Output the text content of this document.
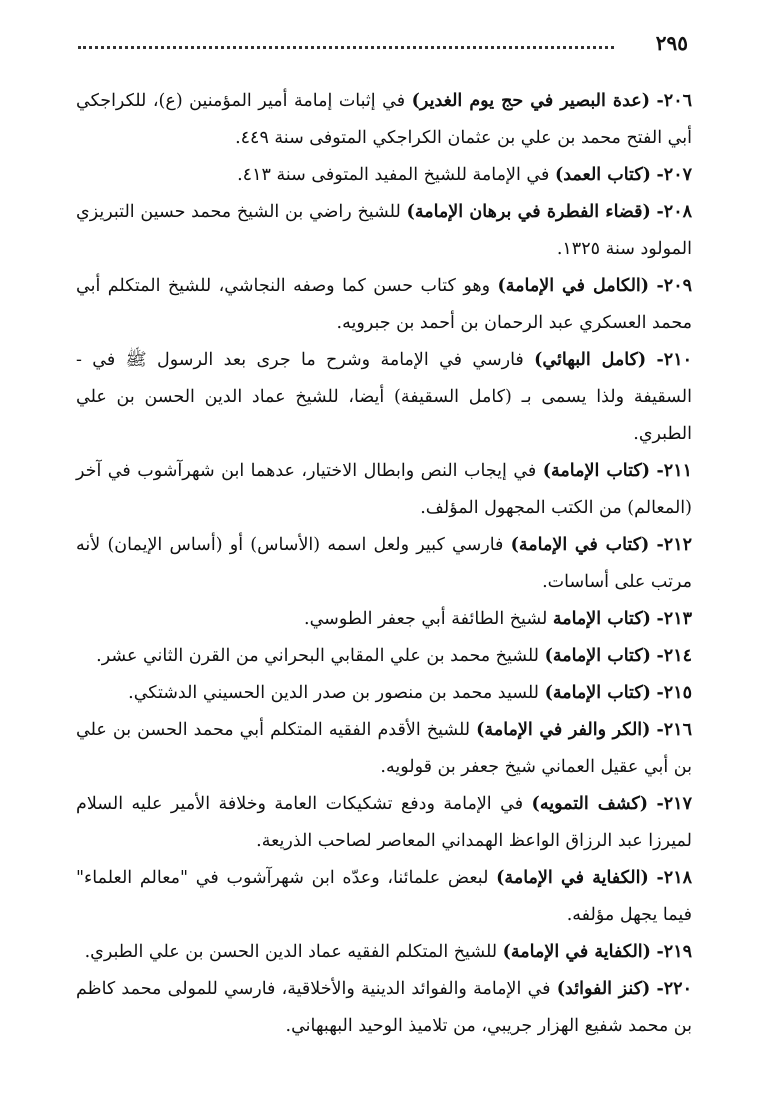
٢٩٥

٢٠٦- (عدة البصير في حج يوم الغدير) في إثبات إمامة أمير المؤمنين (ع)، للكراجكي أبي الفتح محمد بن علي بن عثمان الكراجكي المتوفى سنة ٤٤٩.

٢٠٧- (كتاب العمد) في الإمامة للشيخ المفيد المتوفى سنة ٤١٣.

٢٠٨- (قضاء الفطرة في برهان الإمامة) للشيخ راضي بن الشيخ محمد حسين التبريزي المولود سنة ١٣٢٥.

٢٠٩- (الكامل في الإمامة) وهو كتاب حسن كما وصفه النجاشي، للشيخ المتكلم أبي محمد العسكري عبد الرحمان بن أحمد بن جبرويه.

٢١٠- (كامل البهائي) فارسي في الإمامة وشرح ما جرى بعد الرسول ﷺ في - السقيفة ولذا يسمى بـ (كامل السقيفة) أيضا، للشيخ عماد الدين الحسن بن علي الطبري.

٢١١- (كتاب الإمامة) في إيجاب النص وابطال الاختيار، عدهما ابن شهرآشوب في آخر (المعالم) من الكتب المجهول المؤلف.

٢١٢- (كتاب في الإمامة) فارسي كبير ولعل اسمه (الأساس) أو (أساس الإيمان) لأنه مرتب على أساسات.

٢١٣- (كتاب الإمامة لشيخ الطائفة أبي جعفر الطوسي.

٢١٤- (كتاب الإمامة) للشيخ محمد بن علي المقابي البحراني من القرن الثاني عشر.

٢١٥- (كتاب الإمامة) للسيد محمد بن منصور بن صدر الدين الحسيني الدشتكي.

٢١٦- (الكر والفر في الإمامة) للشيخ الأقدم الفقيه المتكلم أبي محمد الحسن بن علي بن أبي عقيل العماني شيخ جعفر بن قولويه.

٢١٧- (كشف التمويه) في الإمامة ودفع تشكيكات العامة وخلافة الأمير عليه السلام لميرزا عبد الرزاق الواعظ الهمداني المعاصر لصاحب الذريعة.

٢١٨- (الكفاية في الإمامة) لبعض علمائنا، وعدّه ابن شهرآشوب في "معالم العلماء" فيما يجهل مؤلفه.

٢١٩- (الكفاية في الإمامة) للشيخ المتكلم الفقيه عماد الدين الحسن بن علي الطبري.

٢٢٠- (كنز الفوائد) في الإمامة والفوائد الدينية والأخلاقية، فارسي للمولى محمد كاظم بن محمد شفيع الهزار جريبي، من تلاميذ الوحيد البهبهاني.
